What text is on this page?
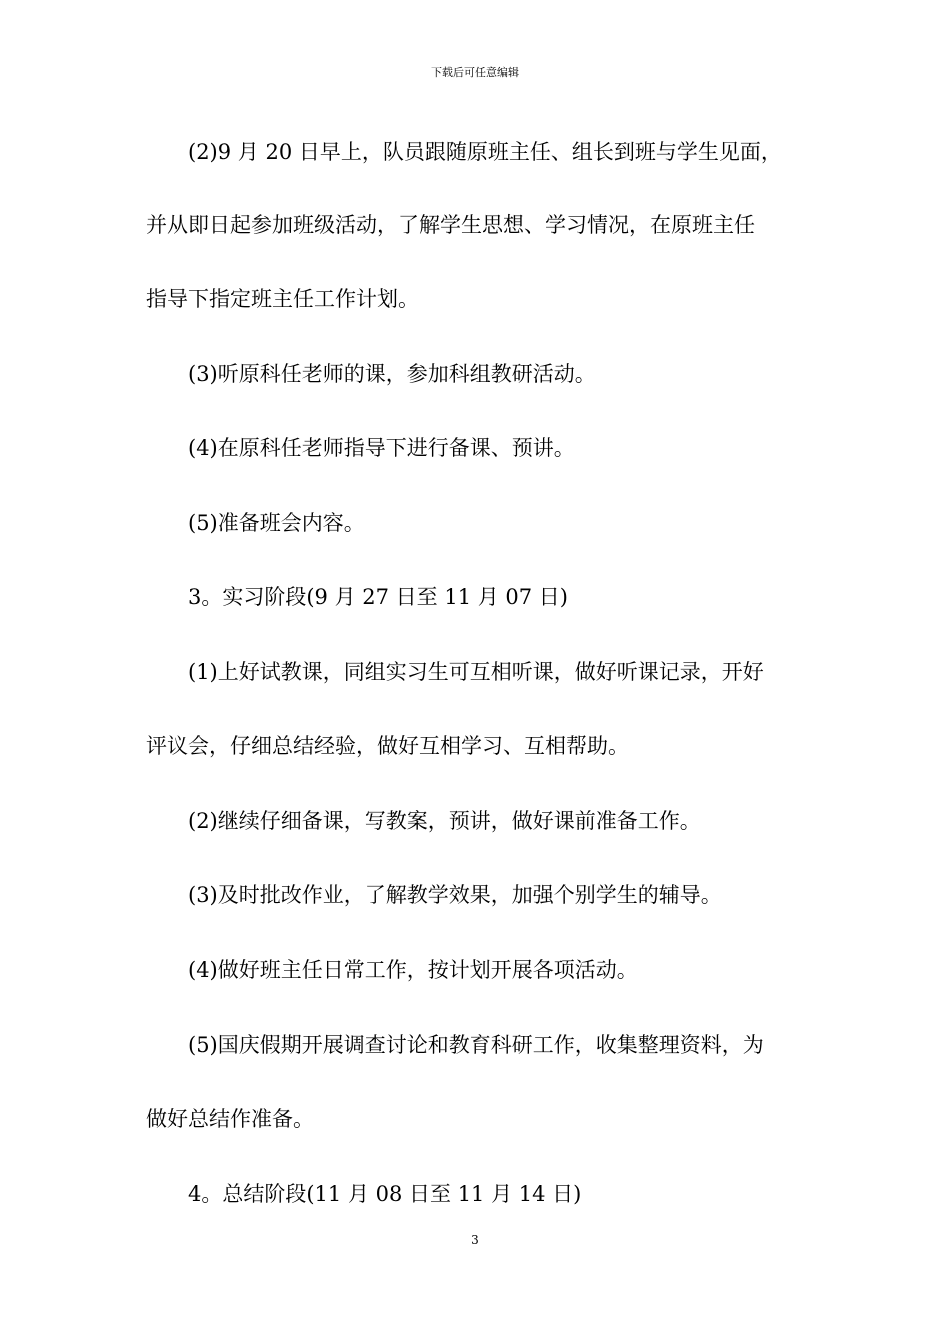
下载后可任意编辑
(2)9 月 20 日早上，队员跟随原班主任、组长到班与学生见面，
并从即日起参加班级活动，了解学生思想、学习情况，在原班主任
指导下指定班主任工作计划。
(3)听原科任老师的课，参加科组教研活动。
(4)在原科任老师指导下进行备课、预讲。
(5)准备班会内容。
3。实习阶段(9 月 27 日至 11 月 07 日)
(1)上好试教课，同组实习生可互相听课，做好听课记录，开好
评议会，仔细总结经验，做好互相学习、互相帮助。
(2)继续仔细备课，写教案，预讲，做好课前准备工作。
(3)及时批改作业，了解教学效果，加强个别学生的辅导。
(4)做好班主任日常工作，按计划开展各项活动。
(5)国庆假期开展调查讨论和教育科研工作，收集整理资料，为
做好总结作准备。
4。总结阶段(11 月 08 日至 11 月 14 日)
3
